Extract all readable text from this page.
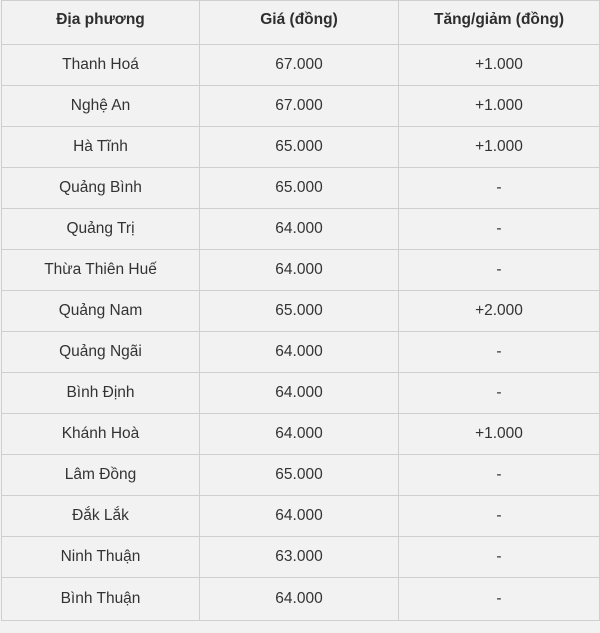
Địa phương	Giá (đồng)	Tăng/giảm (đồng)
Thanh Hoá	67.000	+1.000
Nghệ An	67.000	+1.000
Hà Tĩnh	65.000	+1.000
Quảng Bình	65.000	-
Quảng Trị	64.000	-
Thừa Thiên Huế	64.000	-
Quảng Nam	65.000	+2.000
Quảng Ngãi	64.000	-
Bình Định	64.000	-
Khánh Hoà	64.000	+1.000
Lâm Đồng	65.000	-
Đắk Lắk	64.000	-
Ninh Thuận	63.000	-
Bình Thuận	64.000	-
